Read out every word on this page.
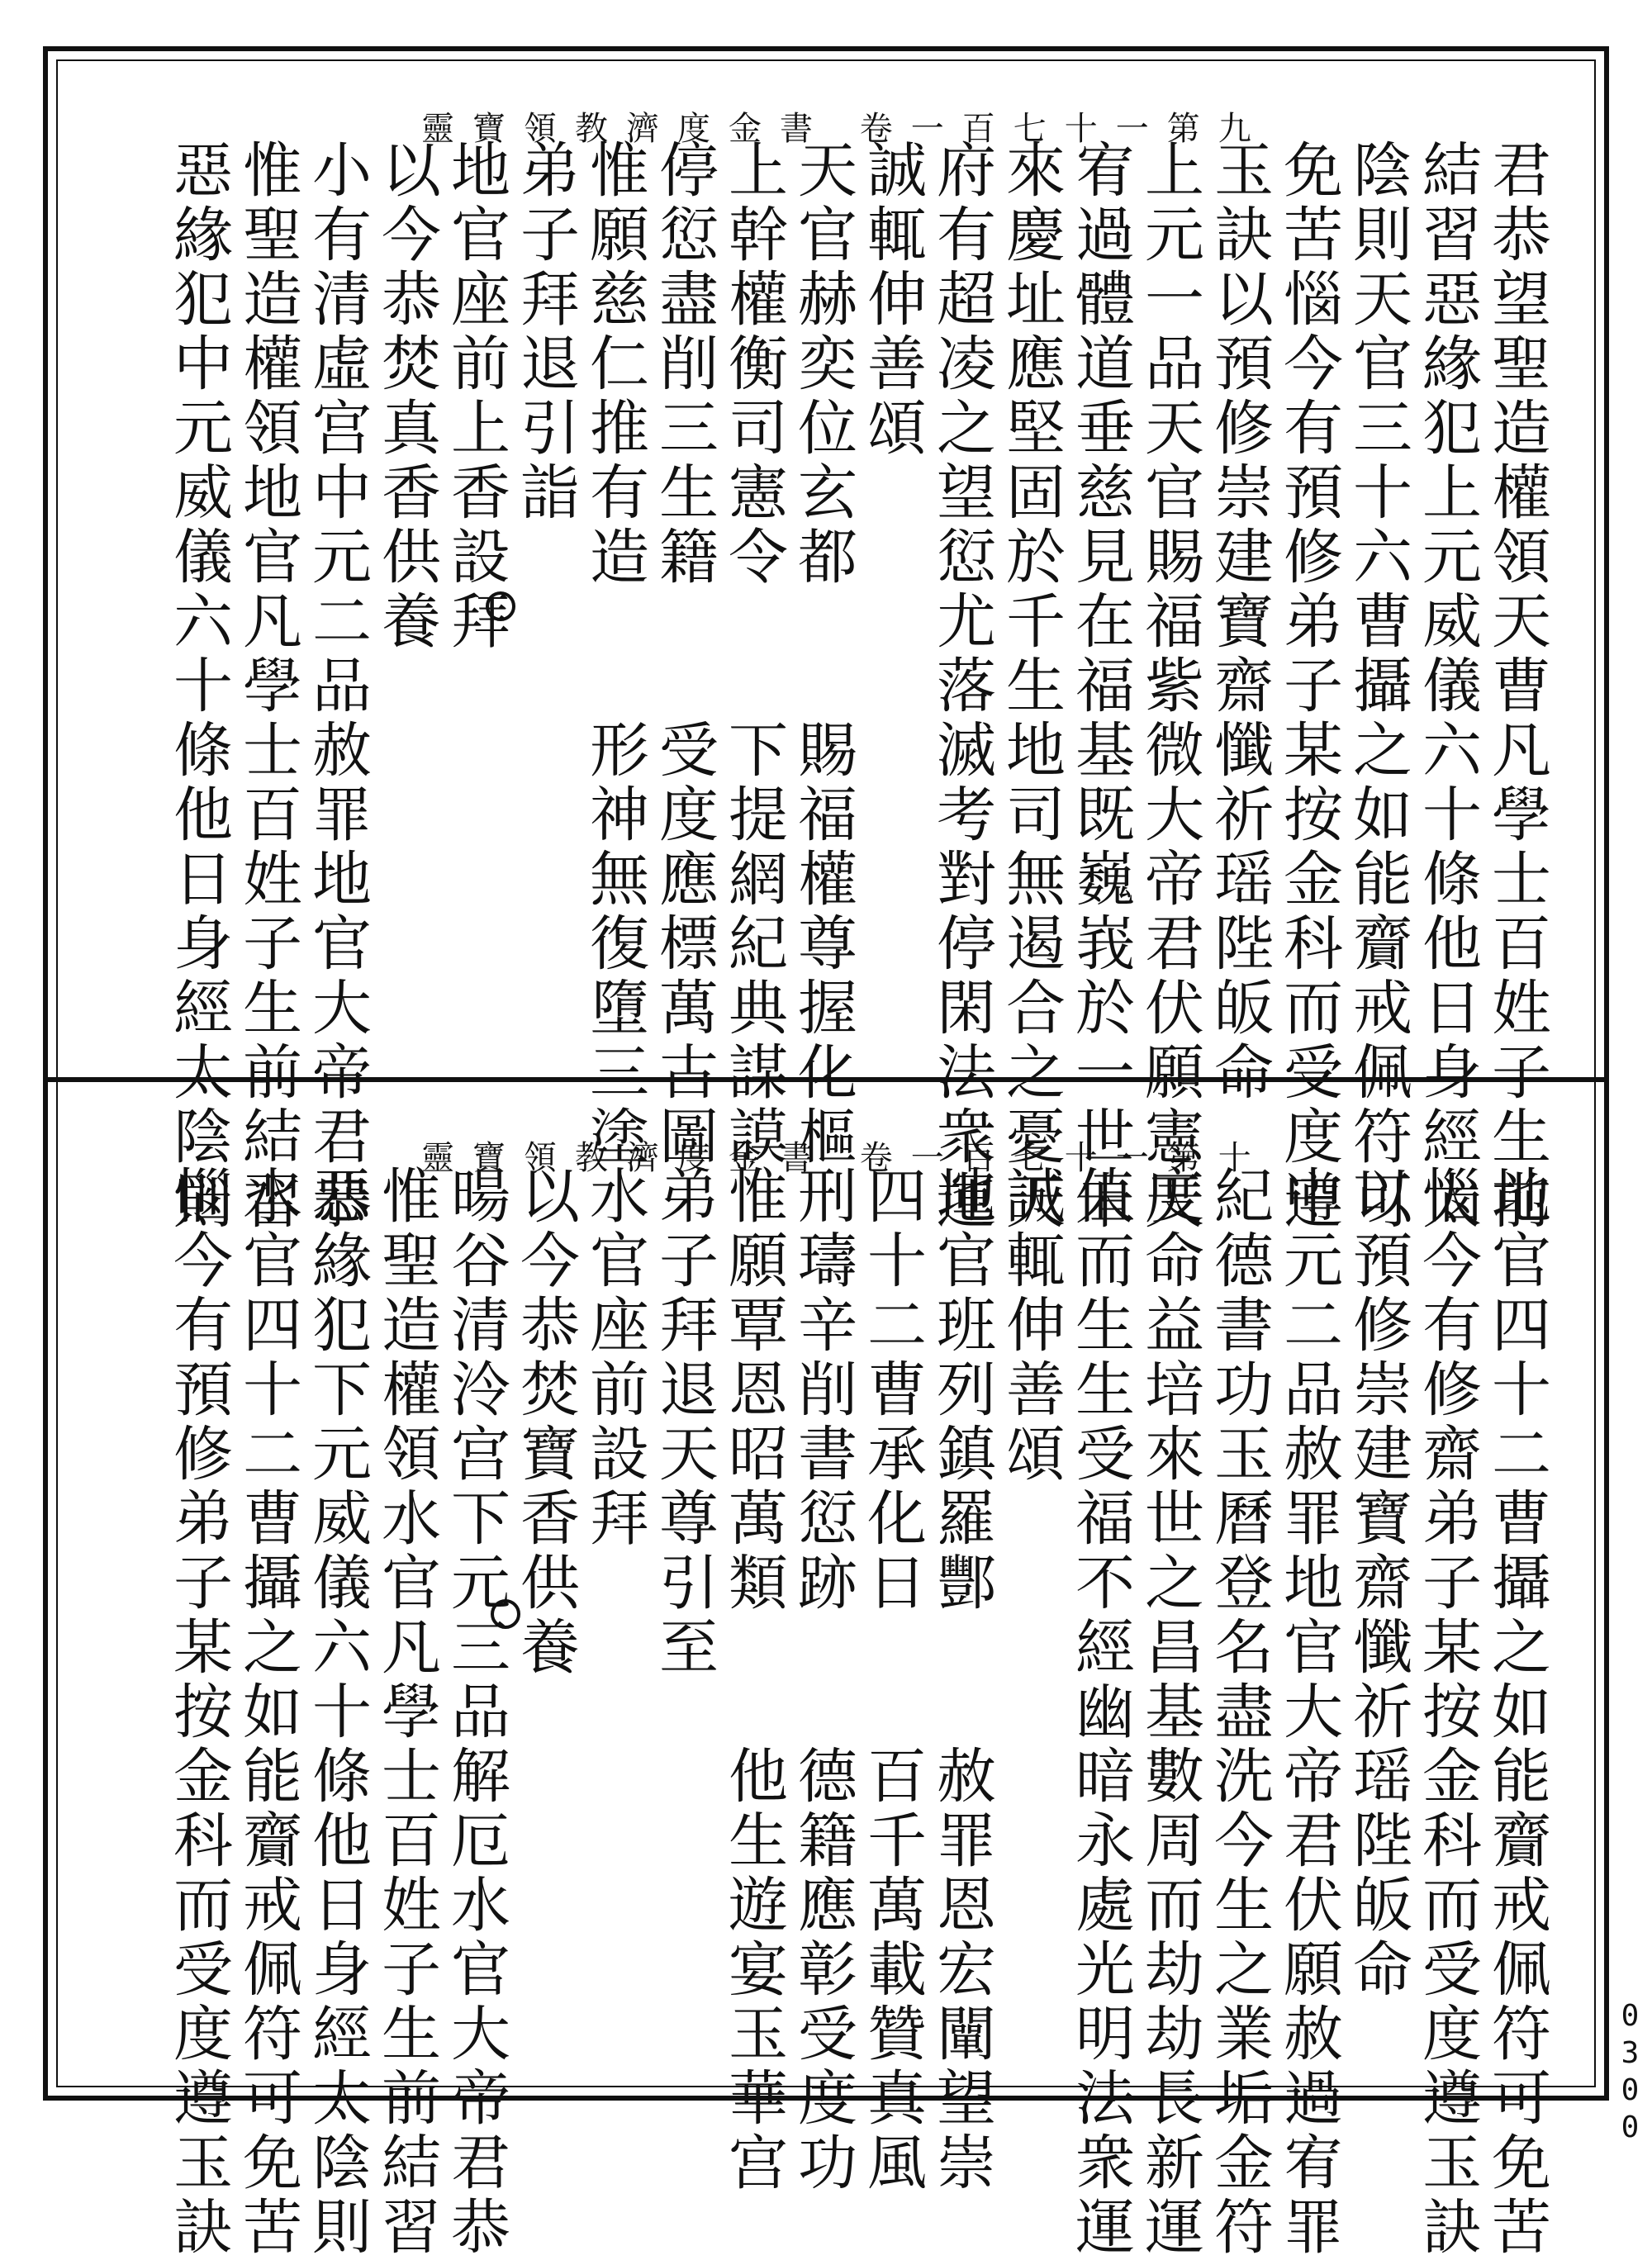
靈寶領教濟度金書 卷一百七十一第九
君恭望聖造權領天曹凡學士百姓子生前
結習惡緣犯上元威儀六十條他日身經太
陰則天官三十六曹攝之如能齎戒佩符可
免苦惱今有預修弟子某按金科而受度遵
玉訣以預修崇建寶齋懺祈瑶陛皈命
上元一品天官賜福紫微大帝君伏願憲天
宥過體道垂慈見在福基既巍峩於一世未
來慶址應堅固於千生地司無遏合之憂天
府有超凌之望愆尤落滅考對停閑法衆運
誠輒伸善頌
天官赫奕位玄都　　賜福權尊握化樞
上幹權衡司憲令　　下提網紀典謀謨
停愆盡削三生籍　　受度應標萬古圖
惟願慈仁推有造　　形神無復墮三塗
弟子拜退引詣
地官座前上香設拜
以今恭焚真香供養
小有清虛宫中元二品赦罪地官大帝君恭
惟聖造權領地官凡學士百姓子生前結習
惡緣犯中元威儀六十條他日身經太陰則	靈寶領教濟度金書 卷一百七十一第十
地官四十二曹攝之如能齎戒佩符可免苦
惱今有修齋弟子某按金科而受度遵玉訣
以預修崇建寶齋懺祈瑶陛皈命
中元二品赦罪地官大帝君伏願赦過宥罪
紀德書功玉曆登名盡洗今生之業垢金符
度命益培來世之昌基數周而劫劫長新運
值而生生受福不經幽暗永處光明法衆運
誠輒伸善頌
地官班列鎮羅酆　　赦罪恩宏闡望崇
四十二曹承化日　　百千萬載贊真風
刑璹辛削書愆跡　　德籍應彰受度功
惟願覃恩昭萬類　　他生遊宴玉華宫
弟子拜退天尊引至
水官座前設拜
以今恭焚寶香供養
暘谷清泠宫下元三品解厄水官大帝君恭
惟聖造權領水官凡學士百姓子生前結習
惡緣犯下元威儀六十條他日身經太陰則
水官四十二曹攝之如能齎戒佩符可免苦
惱今有預修弟子某按金科而受度遵玉訣	0300
